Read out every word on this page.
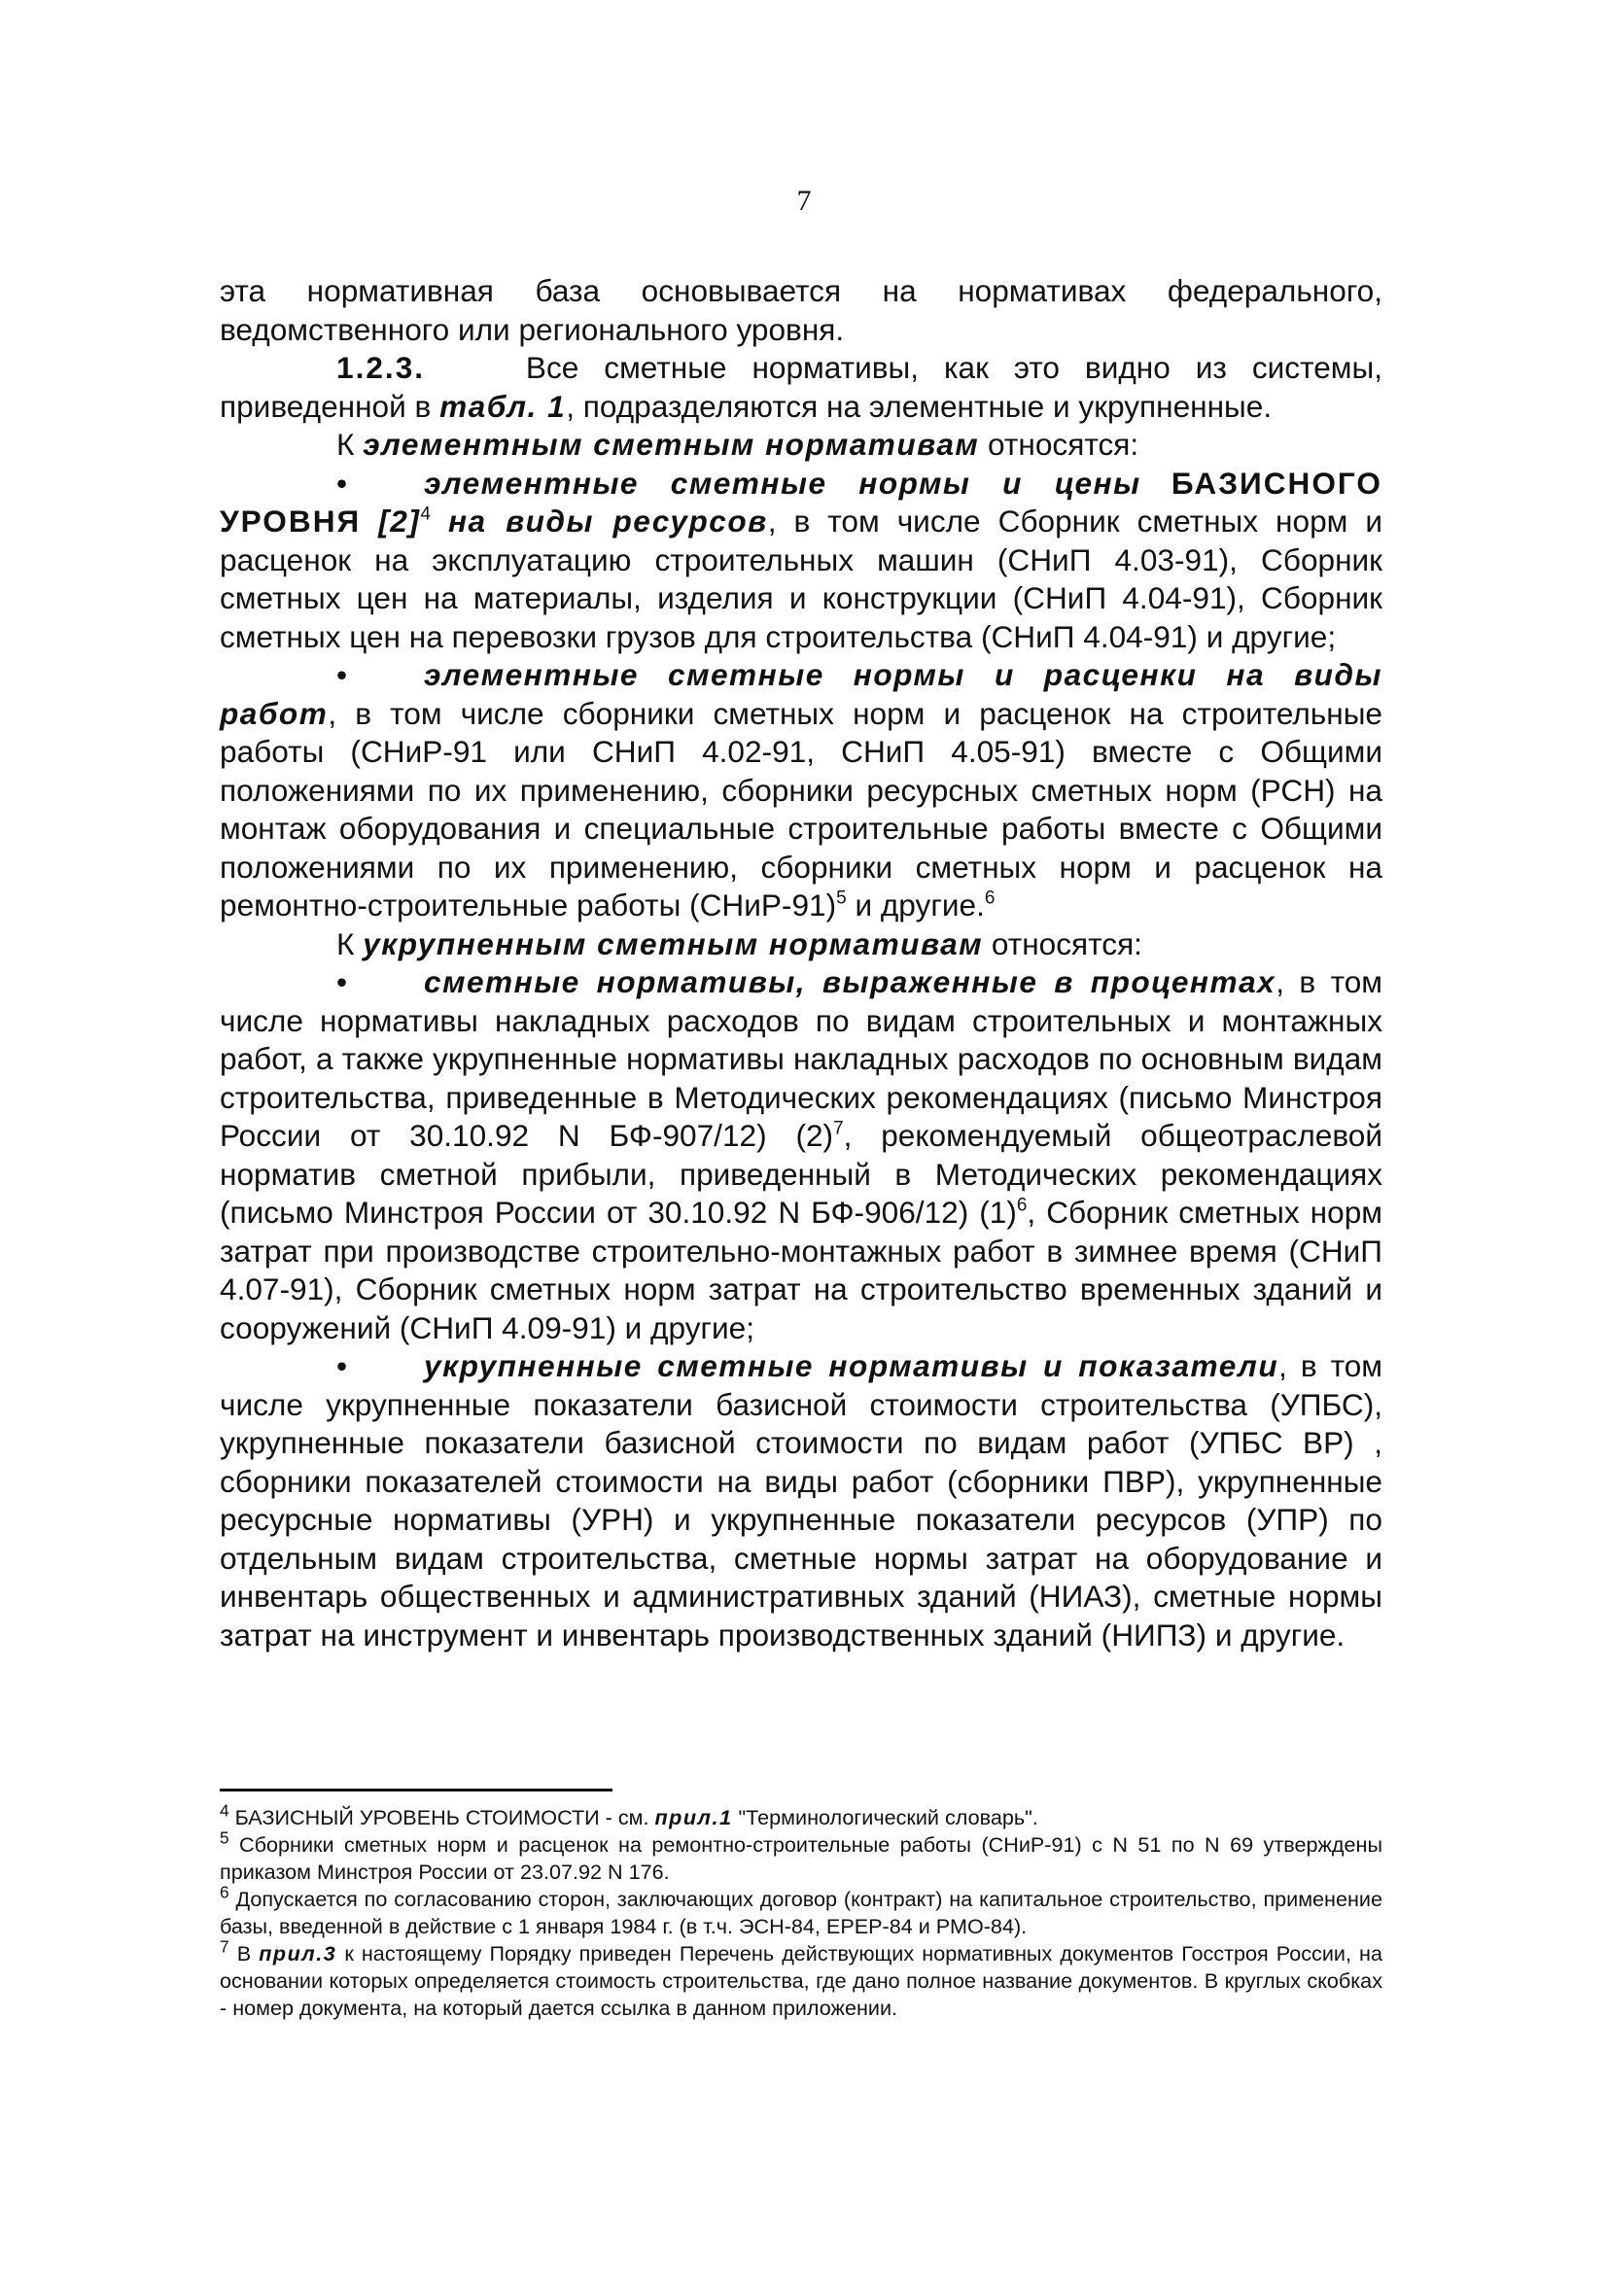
7

эта нормативная база основывается на нормативах федерального, ведомственного или регионального уровня.

1.2.3.	Все сметные нормативы, как это видно из системы, приведенной в табл. 1, подразделяются на элементные и укрупненные.

К элементным сметным нормативам относятся:

• элементные сметные нормы и цены БАЗИСНОГО УРОВНЯ $[2]^4$ на виды ресурсов, в том числе Сборник сметных норм и расценок на эксплуатацию строительных машин (СНиП 4.03-91), Сборник сметных цен на материалы, изделия и конструкции (СНиП 4.04-91), Сборник сметных цен на перевозки грузов для строительства (СНиП 4.04-91) и другие;

• элементные сметные нормы и расценки на виды работ, в том числе сборники сметных норм и расценок на строительные работы (СНиР-91 или СНиП 4.02-91, СНиП 4.05-91) вместе с Общими положениями по их применению, сборники ресурсных сметных норм (РСН) на монтаж оборудования и специальные строительные работы вместе с Общими положениями по их применению, сборники сметных норм и расценок на ремонтно-строительные работы (СНиР-91)$^5$ и другие.$^6$

К укрупненным сметным нормативам относятся:

• сметные нормативы, выраженные в процентах, в том числе нормативы накладных расходов по видам строительных и монтажных работ, а также укрупненные нормативы накладных расходов по основным видам строительства, приведенные в Методических рекомендациях (письмо Минстроя России от 30.10.92 N БФ-907/12) $(2)^7$, рекомендуемый общеотраслевой норматив сметной прибыли, приведенный в Методических рекомендациях (письмо Минстроя России от 30.10.92 N БФ-906/12) $(1)^6$, Сборник сметных норм затрат при производстве строительно-монтажных работ в зимнее время (СНиП 4.07-91), Сборник сметных норм затрат на строительство временных зданий и сооружений (СНиП 4.09-91) и другие;

• укрупненные сметные нормативы и показатели, в том числе укрупненные показатели базисной стоимости строительства (УПБС), укрупненные показатели базисной стоимости по видам работ (УПБС ВР) , сборники показателей стоимости на виды работ (сборники ПВР), укрупненные ресурсные нормативы (УРН) и укрупненные показатели ресурсов (УПР) по отдельным видам строительства, сметные нормы затрат на оборудование и инвентарь общественных и административных зданий (НИАЗ), сметные нормы затрат на инструмент и инвентарь производственных зданий (НИПЗ) и другие.

$^4$ БАЗИСНЫЙ УРОВЕНЬ СТОИМОСТИ - см. прил.1 "Терминологический словарь".

$^5$ Сборники сметных норм и расценок на ремонтно-строительные работы (СНиР-91) с N 51 по N 69 утверждены приказом Минстроя России от 23.07.92 N 176.

$^6$ Допускается по согласованию сторон, заключающих договор (контракт) на капитальное строительство, применение базы, введенной в действие с 1 января 1984 г. (в т.ч. ЭСН-84, ЕРЕР-84 и РМО-84).

$^7$ В прил.3 к настоящему Порядку приведен Перечень действующих нормативных документов Госстроя России, на основании которых определяется стоимость строительства, где дано полное название документов. В круглых скобках - номер документа, на который дается ссылка в данном приложении.
